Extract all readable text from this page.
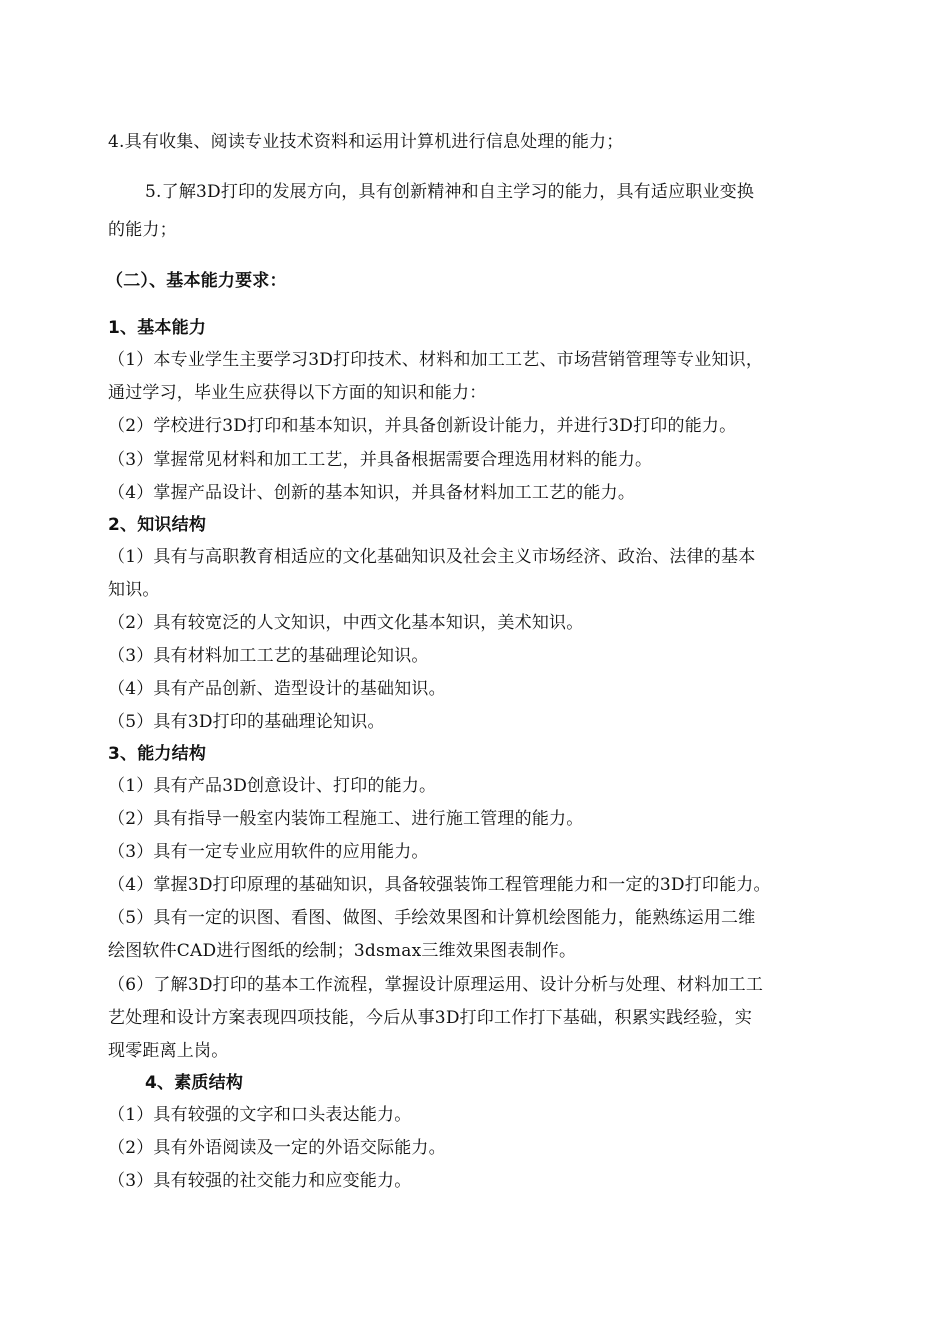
4.具有收集、阅读专业技术资料和运用计算机进行信息处理的能力；
5.了解3D打印的发展方向，具有创新精神和自主学习的能力，具有适应职业变换
的能力；
（二）、基本能力要求：
1、基本能力
（1）本专业学生主要学习3D打印技术、材料和加工工艺、市场营销管理等专业知识，
通过学习，毕业生应获得以下方面的知识和能力：
（2）学校进行3D打印和基本知识，并具备创新设计能力，并进行3D打印的能力。
（3）掌握常见材料和加工工艺，并具备根据需要合理选用材料的能力。
（4）掌握产品设计、创新的基本知识，并具备材料加工工艺的能力。
2、知识结构
（1）具有与高职教育相适应的文化基础知识及社会主义市场经济、政治、法律的基本
知识。
（2）具有较宽泛的人文知识，中西文化基本知识，美术知识。
（3）具有材料加工工艺的基础理论知识。
（4）具有产品创新、造型设计的基础知识。
（5）具有3D打印的基础理论知识。
3、能力结构
（1）具有产品3D创意设计、打印的能力。
（2）具有指导一般室内装饰工程施工、进行施工管理的能力。
（3）具有一定专业应用软件的应用能力。
（4）掌握3D打印原理的基础知识，具备较强装饰工程管理能力和一定的3D打印能力。
（5）具有一定的识图、看图、做图、手绘效果图和计算机绘图能力，能熟练运用二维
绘图软件CAD进行图纸的绘制；3dsmax三维效果图表制作。
（6）了解3D打印的基本工作流程，掌握设计原理运用、设计分析与处理、材料加工工
艺处理和设计方案表现四项技能，今后从事3D打印工作打下基础，积累实践经验，实
现零距离上岗。
4、素质结构
（1）具有较强的文字和口头表达能力。
（2）具有外语阅读及一定的外语交际能力。
（3）具有较强的社交能力和应变能力。
